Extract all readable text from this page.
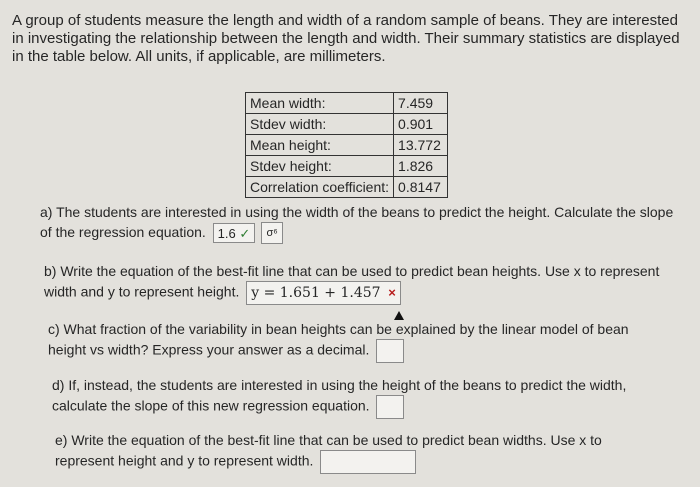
A group of students measure the length and width of a random sample of beans. They are interested in investigating the relationship between the length and width. Their summary statistics are displayed in the table below. All units, if applicable, are millimeters.
Mean width:	7.459
Stdev width:	0.901
Mean height:	13.772
Stdev height:	1.826
Correlation coefficient:	0.8147
a) The students are interested in using the width of the beans to predict the height. Calculate the slope of the regression equation. 1.6 ✓ σ⁶
b) Write the equation of the best-fit line that can be used to predict bean heights. Use x to represent width and y to represent height. y = 1.651 + 1.457 ×
c) What fraction of the variability in bean heights can be explained by the linear model of bean height vs width? Express your answer as a decimal.
d) If, instead, the students are interested in using the height of the beans to predict the width, calculate the slope of this new regression equation.
e) Write the equation of the best-fit line that can be used to predict bean widths. Use x to represent height and y to represent width.
